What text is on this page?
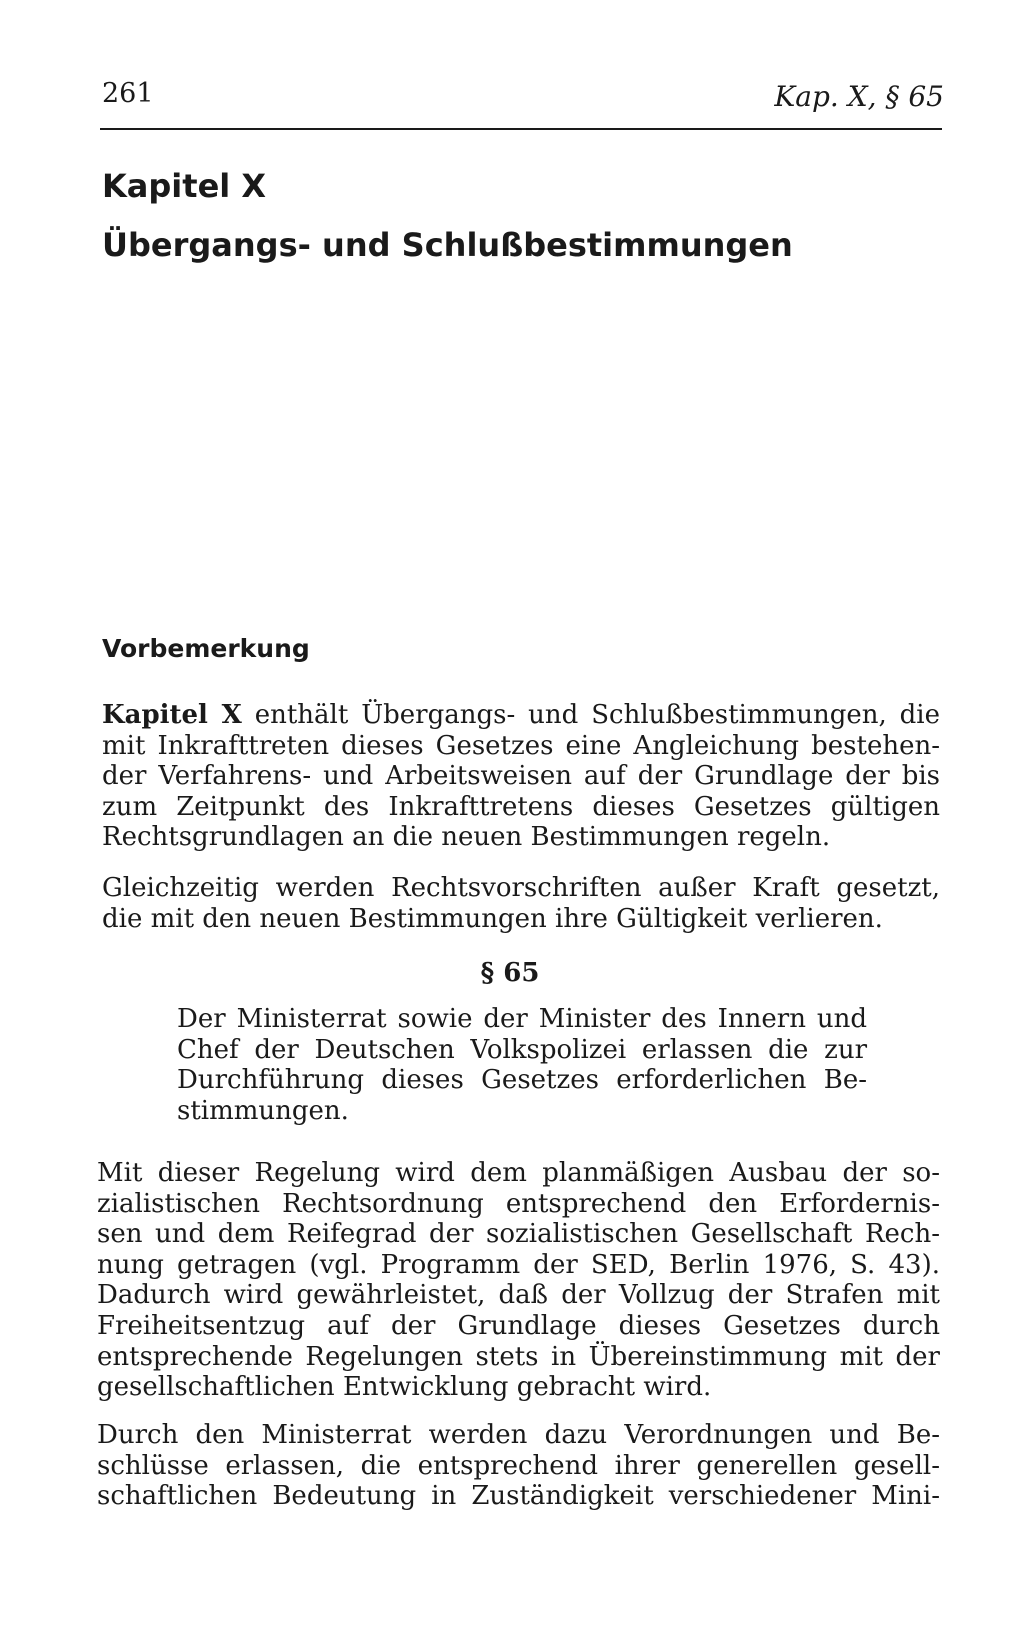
261	Kap. X, § 65
Kapitel X
Übergangs- und Schlußbestimmungen
Vorbemerkung
Kapitel X enthält Übergangs- und Schlußbestimmungen, die
mit Inkrafttreten dieses Gesetzes eine Angleichung bestehen-
der Verfahrens- und Arbeitsweisen auf der Grundlage der bis
zum Zeitpunkt des Inkrafttretens dieses Gesetzes gültigen
Rechtsgrundlagen an die neuen Bestimmungen regeln.
Gleichzeitig werden Rechtsvorschriften außer Kraft gesetzt,
die mit den neuen Bestimmungen ihre Gültigkeit verlieren.
§ 65
Der Ministerrat sowie der Minister des Innern und
Chef der Deutschen Volkspolizei erlassen die zur
Durchführung dieses Gesetzes erforderlichen Be-
stimmungen.
Mit dieser Regelung wird dem planmäßigen Ausbau der so-
zialistischen Rechtsordnung entsprechend den Erfordernis-
sen und dem Reifegrad der sozialistischen Gesellschaft Rech-
nung getragen (vgl. Programm der SED, Berlin 1976, S. 43).
Dadurch wird gewährleistet, daß der Vollzug der Strafen mit
Freiheitsentzug auf der Grundlage dieses Gesetzes durch
entsprechende Regelungen stets in Übereinstimmung mit der
gesellschaftlichen Entwicklung gebracht wird.
Durch den Ministerrat werden dazu Verordnungen und Be-
schlüsse erlassen, die entsprechend ihrer generellen gesell-
schaftlichen Bedeutung in Zuständigkeit verschiedener Mini-
